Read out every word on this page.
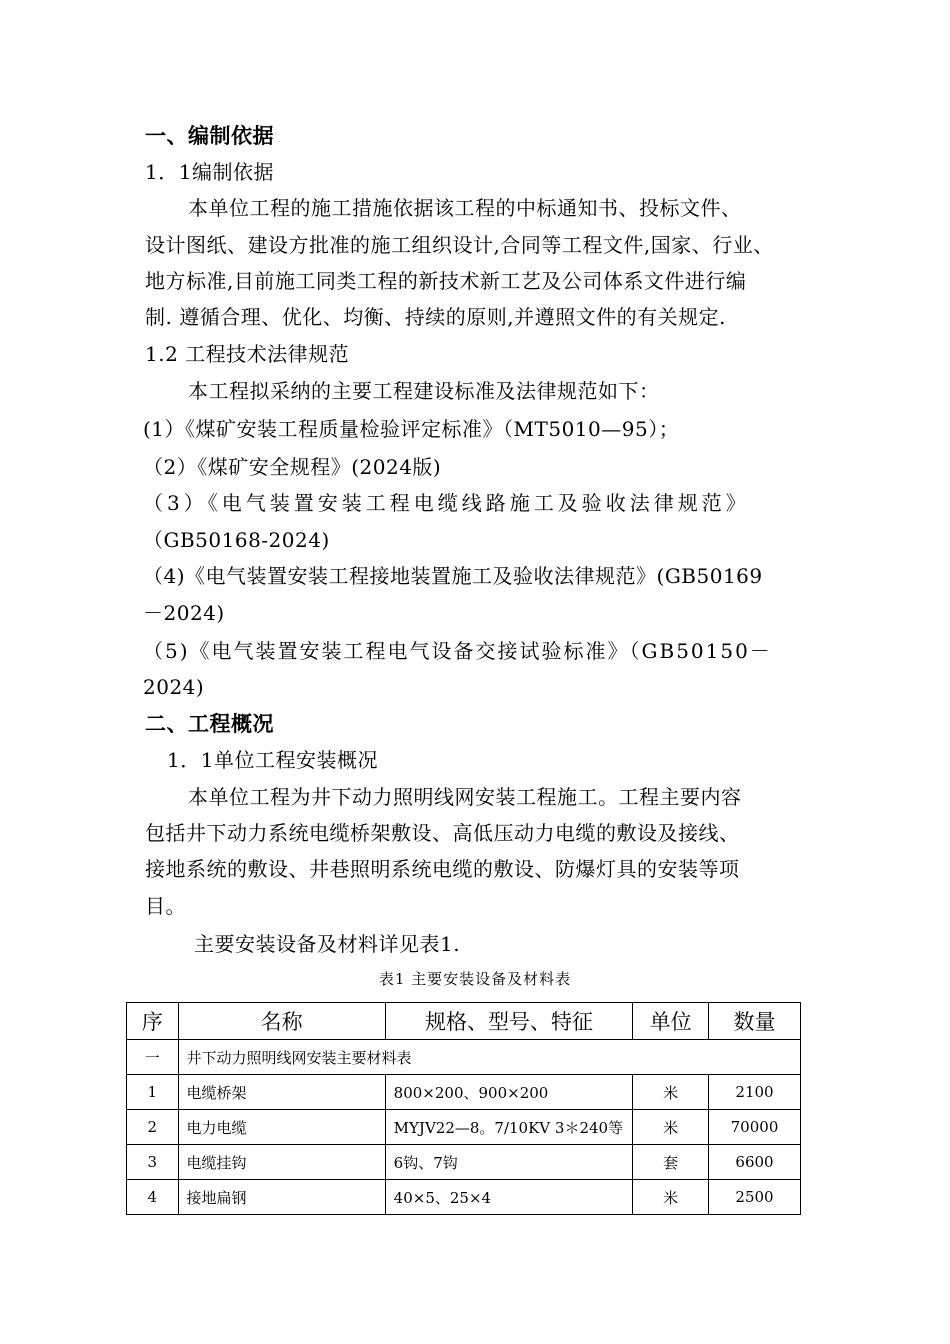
一、编制依据
1．1编制依据
本单位工程的施工措施依据该工程的中标通知书、投标文件、
设计图纸、建设方批准的施工组织设计,合同等工程文件,国家、行业、
地方标准,目前施工同类工程的新技术新工艺及公司体系文件进行编
制. 遵循合理、优化、均衡、持续的原则,并遵照文件的有关规定.
1.2 工程技术法律规范
本工程拟采纳的主要工程建设标准及法律规范如下：
(1）《煤矿安装工程质量检验评定标准》（MT5010—95）；
（2）《煤矿安全规程》(2024版)
（3）《电气装置安装工程电缆线路施工及验收法律规范》
（GB50168-2024)
（4)《电气装置安装工程接地装置施工及验收法律规范》(GB50169
－2024)
（5)《电气装置安装工程电气设备交接试验标准》（GB50150－
2024)
二、工程概况
1．1单位工程安装概况
本单位工程为井下动力照明线网安装工程施工。工程主要内容
包括井下动力系统电缆桥架敷设、高低压动力电缆的敷设及接线、
接地系统的敷设、井巷照明系统电缆的敷设、防爆灯具的安装等项
目。
主要安装设备及材料详见表1.
表1 主要安装设备及材料表
序	名称	规格、型号、特征	单位	数量
一	井下动力照明线网安装主要材料表			
1	电缆桥架	800×200、900×200	米	2100
2	电力电缆	MYJV22—8。7/10KV 3＊240等	米	70000
3	电缆挂钩	6钩、7钩	套	6600
4	接地扁钢	40×5、25×4	米	2500
